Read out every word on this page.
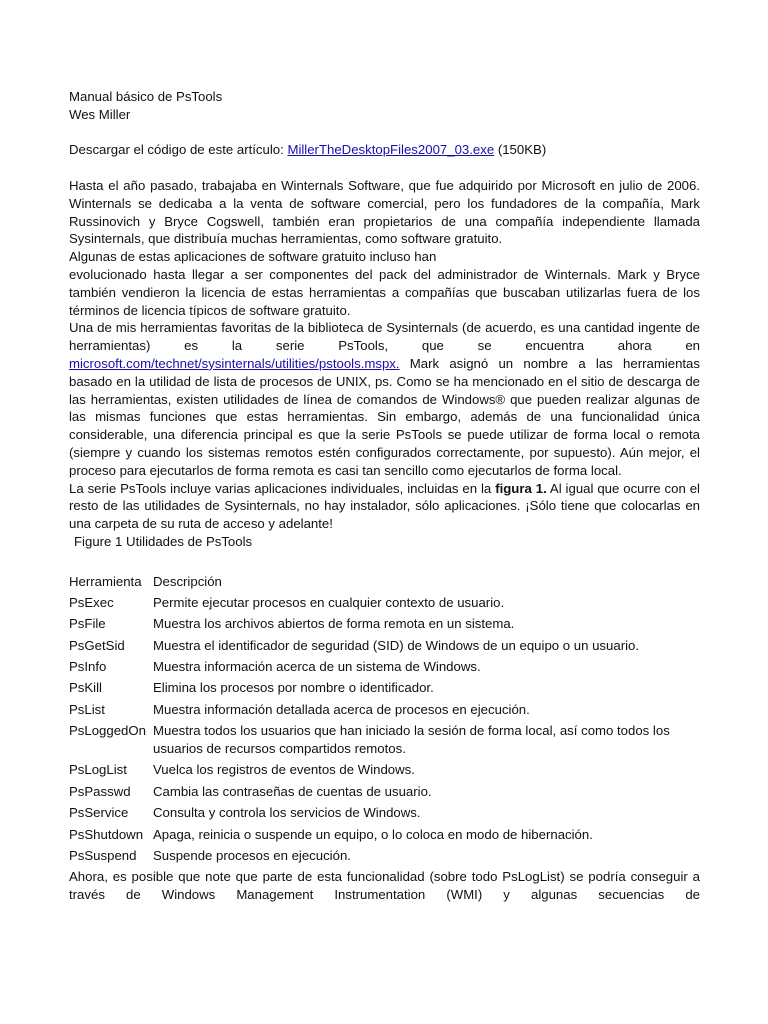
Manual básico de PsTools

Wes Miller

Descargar el código de este artículo: MillerTheDesktopFiles2007_03.exe (150KB)

Hasta el año pasado, trabajaba en Winternals Software, que fue adquirido por Microsoft en julio de 2006. Winternals se dedicaba a la venta de software comercial, pero los fundadores de la compañía, Mark Russinovich y Bryce Cogswell, también eran propietarios de una compañía independiente llamada Sysinternals, que distribuía muchas herramientas, como software gratuito.

Algunas de estas aplicaciones de software gratuito incluso han

evolucionado hasta llegar a ser componentes del pack del administrador de Winternals. Mark y Bryce también vendieron la licencia de estas herramientas a compañías que buscaban utilizarlas fuera de los términos de licencia típicos de software gratuito.

Una de mis herramientas favoritas de la biblioteca de Sysinternals (de acuerdo, es una cantidad ingente de herramientas) es la serie PsTools, que se encuentra ahora en microsoft.com/technet/sysinternals/utilities/pstools.mspx. Mark asignó un nombre a las herramientas basado en la utilidad de lista de procesos de UNIX, ps. Como se ha mencionado en el sitio de descarga de las herramientas, existen utilidades de línea de comandos de Windows® que pueden realizar algunas de las mismas funciones que estas herramientas. Sin embargo, además de una funcionalidad única considerable, una diferencia principal es que la serie PsTools se puede utilizar de forma local o remota (siempre y cuando los sistemas remotos estén configurados correctamente, por supuesto). Aún mejor, el proceso para ejecutarlos de forma remota es casi tan sencillo como ejecutarlos de forma local.

La serie PsTools incluye varias aplicaciones individuales, incluidas en la figura 1. Al igual que ocurre con el resto de las utilidades de Sysinternals, no hay instalador, sólo aplicaciones. ¡Sólo tiene que colocarlas en una carpeta de su ruta de acceso y adelante!

Figure 1 Utilidades de PsTools

Herramienta Descripción
PsExec	Permite ejecutar procesos en cualquier contexto de usuario.
PsFile	Muestra los archivos abiertos de forma remota en un sistema.
PsGetSid	Muestra el identificador de seguridad (SID) de Windows de un equipo o un usuario.
PsInfo	Muestra información acerca de un sistema de Windows.
PsKill	Elimina los procesos por nombre o identificador.
PsList	Muestra información detallada acerca de procesos en ejecución.
PsLoggedOn Muestra todos los usuarios que han iniciado la sesión de forma local, así como todos los usuarios de recursos compartidos remotos.
PsLogList	Vuelca los registros de eventos de Windows.
PsPasswd	Cambia las contraseñas de cuentas de usuario.
PsService	Consulta y controla los servicios de Windows.
PsShutdown Apaga, reinicia o suspende un equipo, o lo coloca en modo de hibernación.
PsSuspend	Suspende procesos en ejecución.

Ahora, es posible que note que parte de esta funcionalidad (sobre todo PsLogList) se podría conseguir a través de Windows Management Instrumentation (WMI) y algunas secuencias de
